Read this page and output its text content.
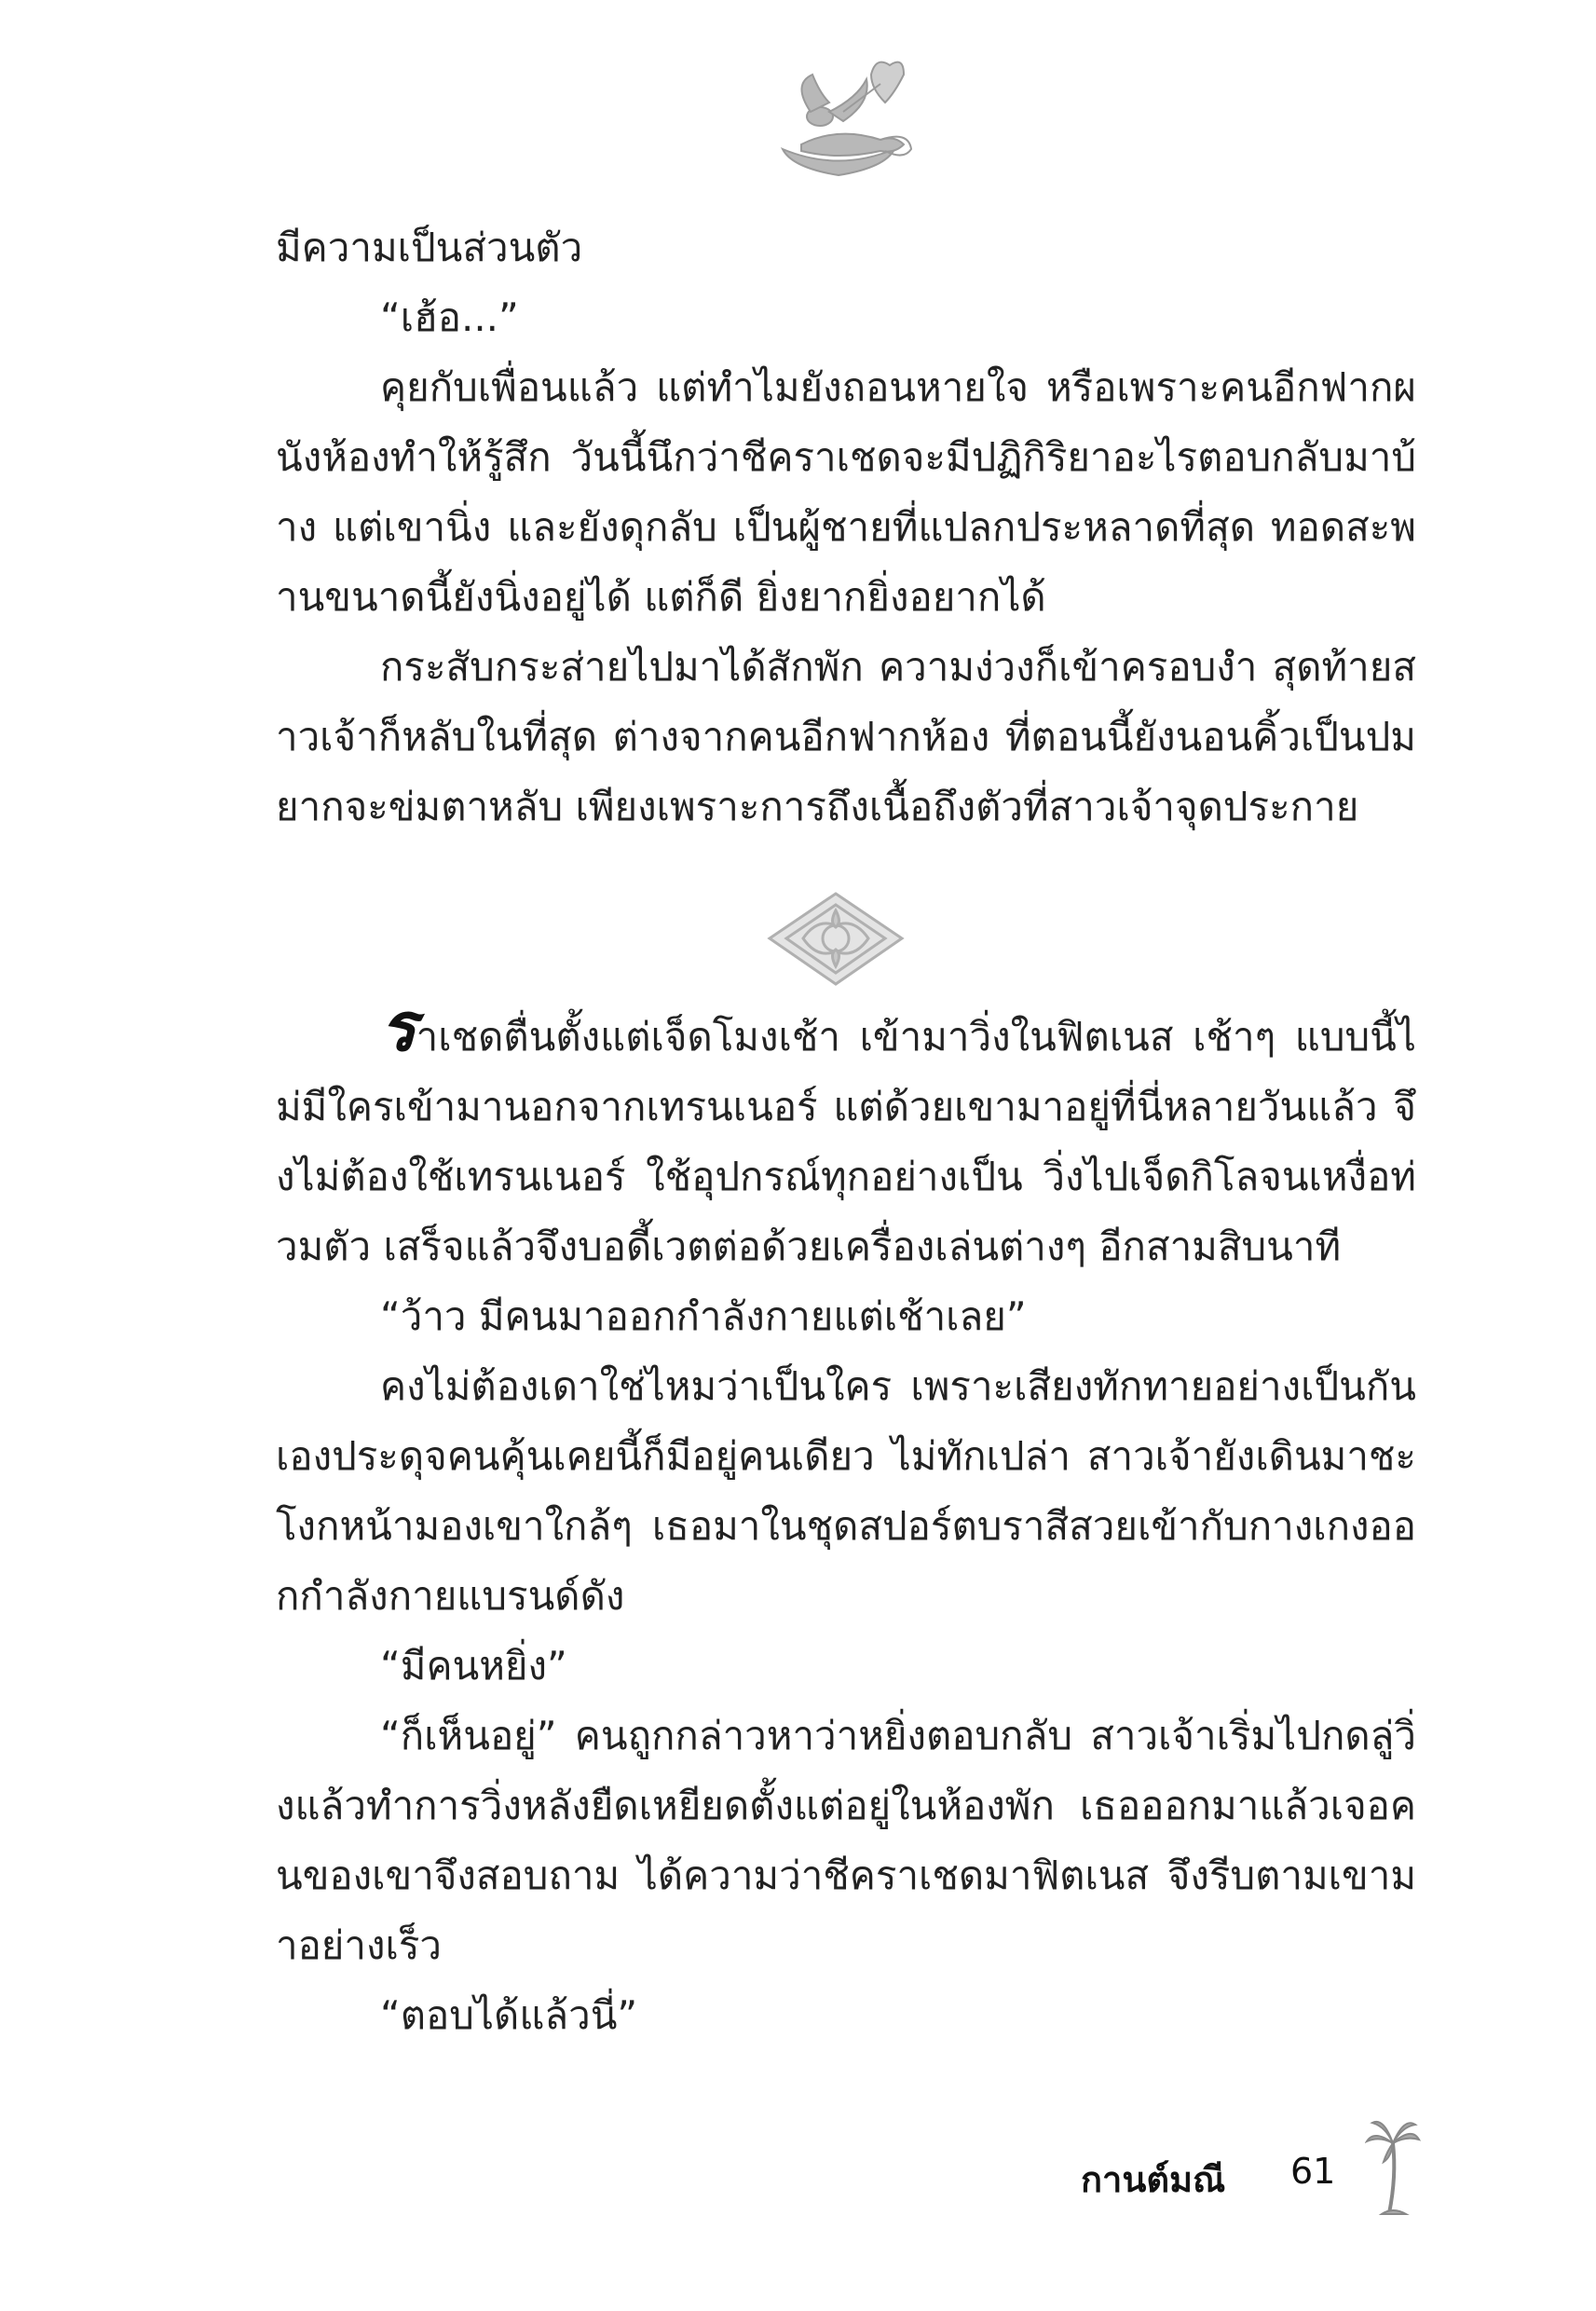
มีความเป็นส่วนตัว

“เฮ้อ...”

คุยกับเพื่อนแล้ว แต่ทำไมยังถอนหายใจ หรือเพราะคนอีกฟากผนังห้องทำให้รู้สึก วันนี้นึกว่าชีคราเชดจะมีปฏิกิริยาอะไรตอบกลับมาบ้าง แต่เขานิ่ง และยังดุกลับ เป็นผู้ชายที่แปลกประหลาดที่สุด ทอดสะพานขนาดนี้ยังนิ่งอยู่ได้ แต่ก็ดี ยิ่งยากยิ่งอยากได้

กระสับกระส่ายไปมาได้สักพัก ความง่วงก็เข้าครอบงำ สุดท้ายสาวเจ้าก็หลับในที่สุด ต่างจากคนอีกฟากห้อง ที่ตอนนี้ยังนอนคิ้วเป็นปม ยากจะข่มตาหลับ เพียงเพราะการถึงเนื้อถึงตัวที่สาวเจ้าจุดประกาย

ราเชดตื่นตั้งแต่เจ็ดโมงเช้า เข้ามาวิ่งในฟิตเนส เช้าๆ แบบนี้ไม่มีใครเข้ามานอกจากเทรนเนอร์ แต่ด้วยเขามาอยู่ที่นี่หลายวันแล้ว จึงไม่ต้องใช้เทรนเนอร์ ใช้อุปกรณ์ทุกอย่างเป็น วิ่งไปเจ็ดกิโลจนเหงื่อท่วมตัว เสร็จแล้วจึงบอดี้เวตต่อด้วยเครื่องเล่นต่างๆ อีกสามสิบนาที

“ว้าว มีคนมาออกกำลังกายแต่เช้าเลย”

คงไม่ต้องเดาใช่ไหมว่าเป็นใคร เพราะเสียงทักทายอย่างเป็นกันเองประดุจคนคุ้นเคยนี้ก็มีอยู่คนเดียว ไม่ทักเปล่า สาวเจ้ายังเดินมาชะโงกหน้ามองเขาใกล้ๆ เธอมาในชุดสปอร์ตบราสีสวยเข้ากับกางเกงออกกำลังกายแบรนด์ดัง

“มีคนหยิ่ง”

“ก็เห็นอยู่” คนถูกกล่าวหาว่าหยิ่งตอบกลับ สาวเจ้าเริ่มไปกดลู่วิ่งแล้วทำการวิ่งหลังยืดเหยียดตั้งแต่อยู่ในห้องพัก เธอออกมาแล้วเจอคนของเขาจึงสอบถาม ได้ความว่าชีคราเชดมาฟิตเนส จึงรีบตามเขามาอย่างเร็ว

“ตอบได้แล้วนี่”

กานต์มณี 61
